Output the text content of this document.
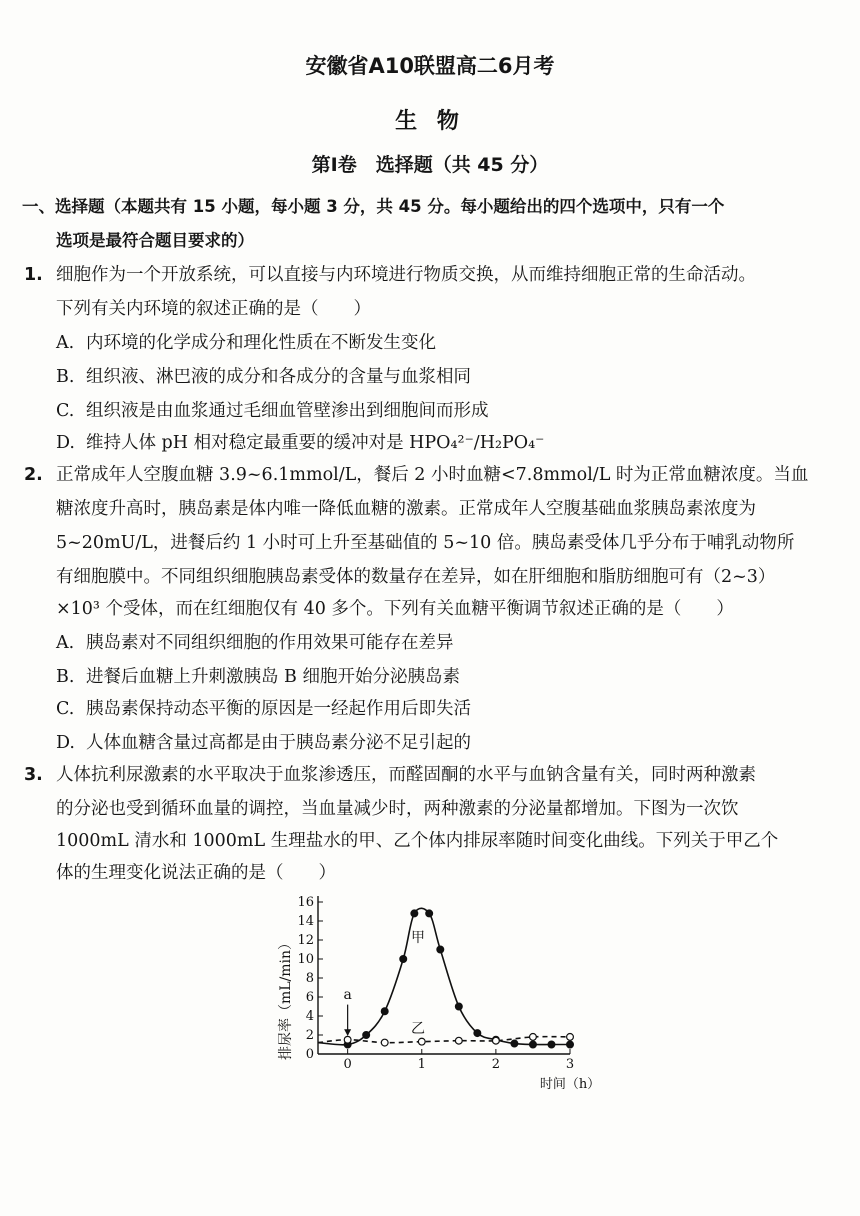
安徽省A10联盟高二6月考
生 物
第Ⅰ卷　选择题（共 45 分）
一、选择题（本题共有 15 小题，每小题 3 分，共 45 分。每小题给出的四个选项中，只有一个
选项是最符合题目要求的）
1. 细胞作为一个开放系统，可以直接与内环境进行物质交换，从而维持细胞正常的生命活动。
下列有关内环境的叙述正确的是（　　）
A. 内环境的化学成分和理化性质在不断发生变化
B. 组织液、淋巴液的成分和各成分的含量与血浆相同
C. 组织液是由血浆通过毛细血管壁渗出到细胞间而形成
D. 维持人体 pH 相对稳定最重要的缓冲对是 HPO₄²⁻/H₂PO₄⁻
2. 正常成年人空腹血糖 3.9~6.1mmol/L，餐后 2 小时血糖<7.8mmol/L 时为正常血糖浓度。当血
糖浓度升高时，胰岛素是体内唯一降低血糖的激素。正常成年人空腹基础血浆胰岛素浓度为
5~20mU/L，进餐后约 1 小时可上升至基础值的 5~10 倍。胰岛素受体几乎分布于哺乳动物所
有细胞膜中。不同组织细胞胰岛素受体的数量存在差异，如在肝细胞和脂肪细胞可有（2~3）
×10³ 个受体，而在红细胞仅有 40 多个。下列有关血糖平衡调节叙述正确的是（　　）
A. 胰岛素对不同组织细胞的作用效果可能存在差异
B. 进餐后血糖上升刺激胰岛 B 细胞开始分泌胰岛素
C. 胰岛素保持动态平衡的原因是一经起作用后即失活
D. 人体血糖含量过高都是由于胰岛素分泌不足引起的
3. 人体抗利尿激素的水平取决于血浆渗透压，而醛固酮的水平与血钠含量有关，同时两种激素
的分泌也受到循环血量的调控，当血量减少时，两种激素的分泌量都增加。下图为一次饮
1000mL 清水和 1000mL 生理盐水的甲、乙个体内排尿率随时间变化曲线。下列关于甲乙个
体的生理变化说法正确的是（　　）
0
2
4
6
8
10
12
14
16
0	1	2	3
甲
乙
a
排尿率（mL/min）
时间（h）
